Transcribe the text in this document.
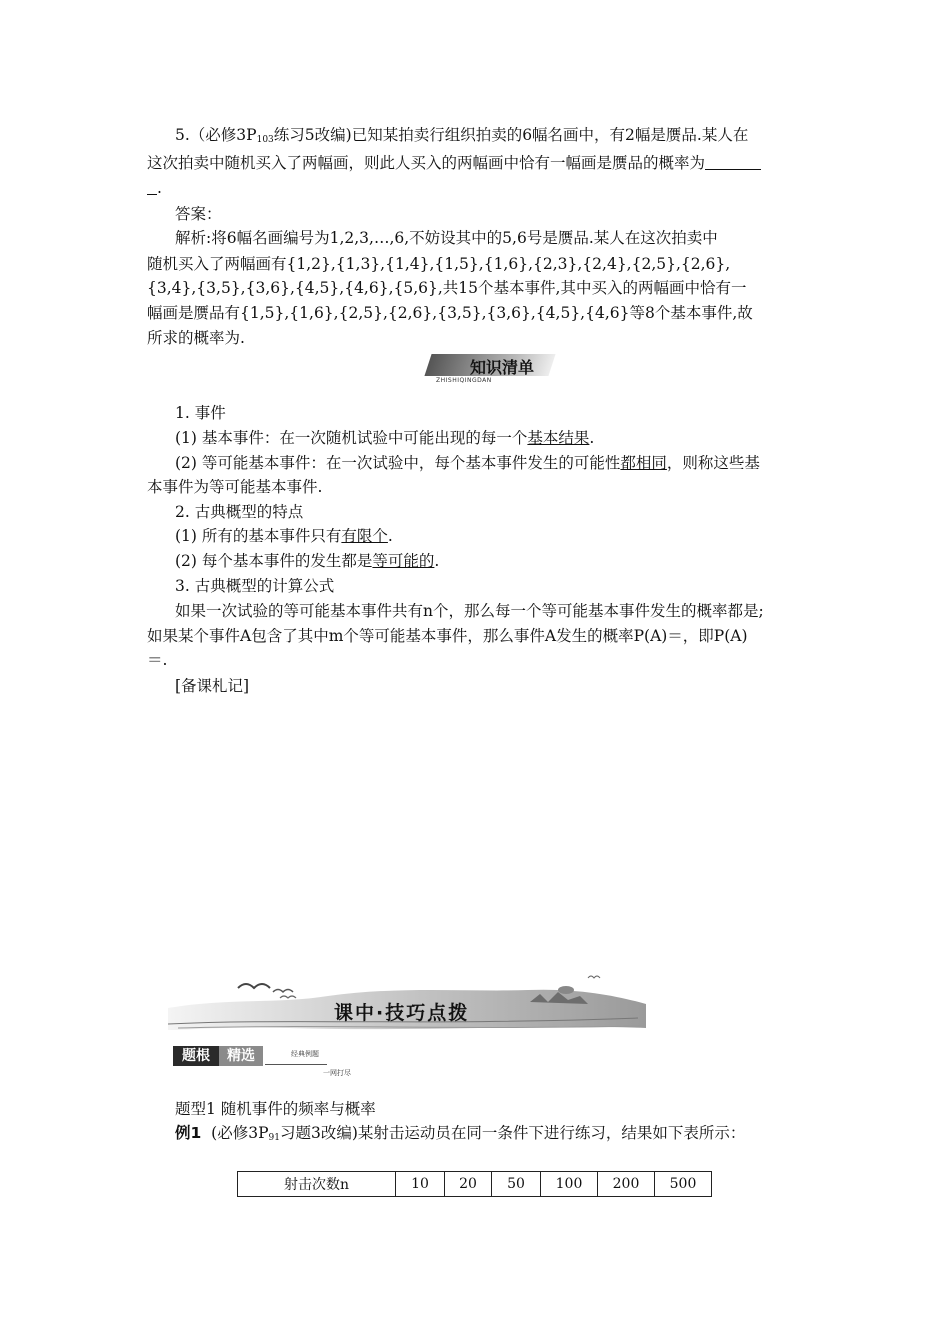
5.（必修$3P_{103}$练习5改编)已知某拍卖行组织拍卖的6幅名画中，有2幅是赝品.某人在
这次拍卖中随机买入了两幅画，则此人买入的两幅画中恰有一幅画是赝品的概率为
.
答案：
解析:将6幅名画编号为1,2,3,…,6,不妨设其中的5,6号是赝品.某人在这次拍卖中
随机买入了两幅画有{1,2},{1,3},{1,4},{1,5},{1,6},{2,3},{2,4},{2,5},{2,6},
{3,4},{3,5},{3,6},{4,5},{4,6},{5,6},共15个基本事件,其中买入的两幅画中恰有一
幅画是赝品有{1,5},{1,6},{2,5},{2,6},{3,5},{3,6},{4,5},{4,6}等8个基本事件,故
所求的概率为.
知识清单
ZHISHIQINGDAN
1. 事件
(1) 基本事件：在一次随机试验中可能出现的每一个基本结果.
(2) 等可能基本事件：在一次试验中，每个基本事件发生的可能性都相同，则称这些基
本事件为等可能基本事件.
2. 古典概型的特点
(1) 所有的基本事件只有有限个.
(2) 每个基本事件的发生都是等可能的.
3. 古典概型的计算公式
如果一次试验的等可能基本事件共有n个，那么每一个等可能基本事件发生的概率都是;
如果某个事件A包含了其中m个等可能基本事件，那么事件A发生的概率P(A)＝，即P(A)
＝.
[备课札记]
课中·技巧点拨
题根	精选	经典例题
一网打尽
题型1 随机事件的频率与概率
例1 (必修$3P_{91}$习题3改编)某射击运动员在同一条件下进行练习，结果如下表所示：
射击次数n	10	20	50	100	200	500
